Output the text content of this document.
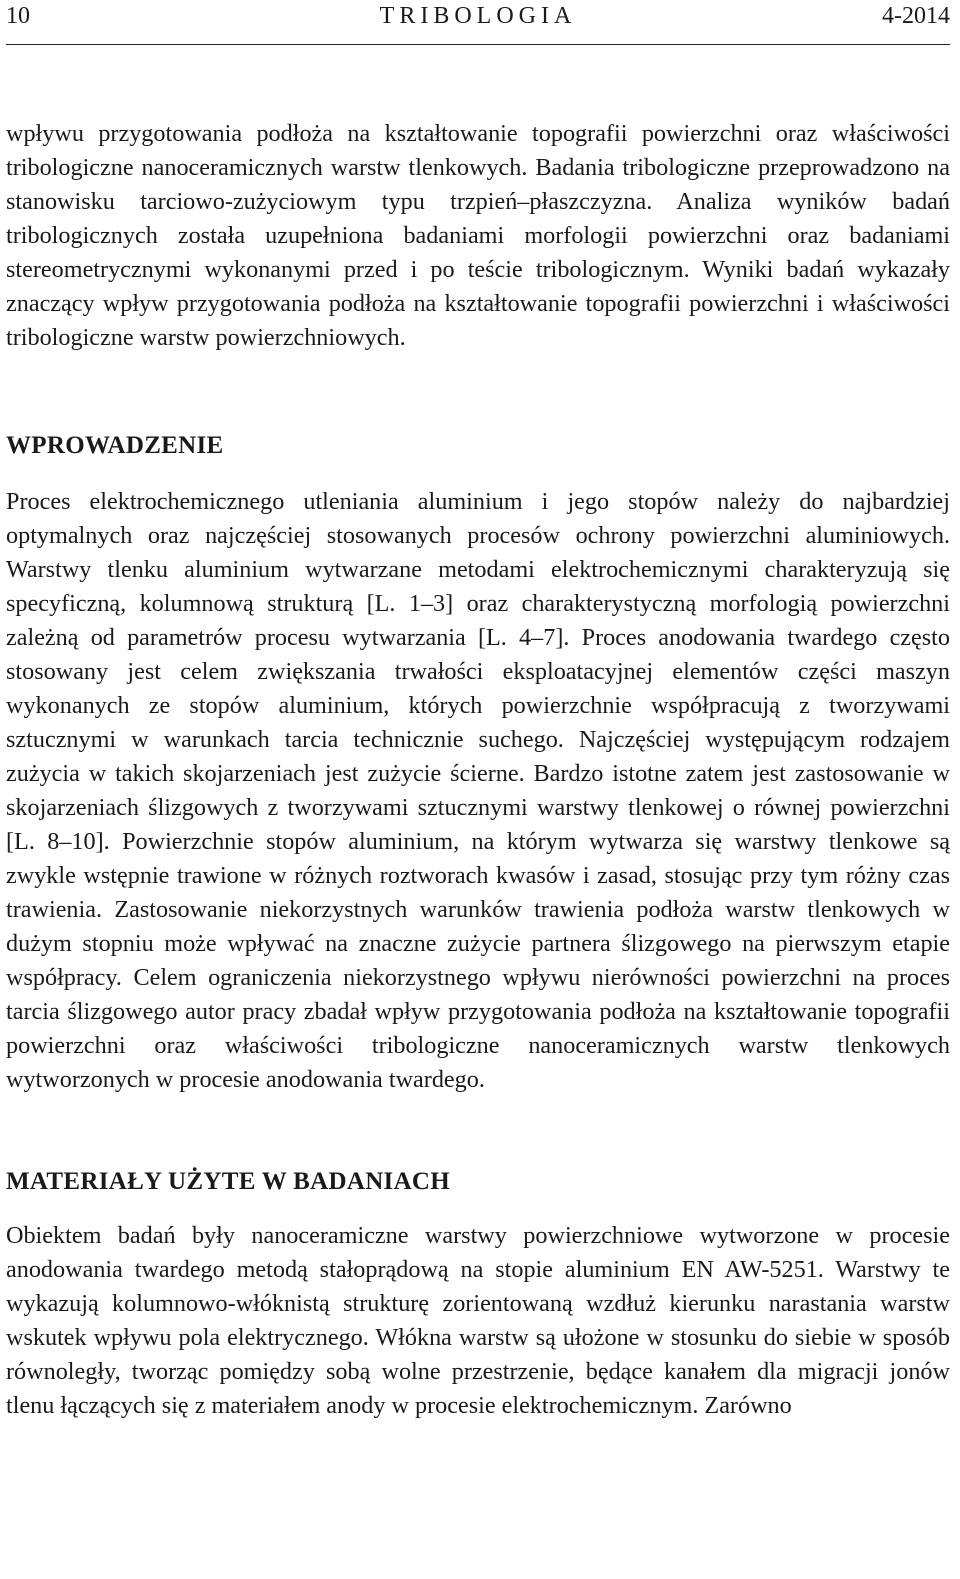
10	TRIBOLOGIA	4-2014

wpływu przygotowania podłoża na kształtowanie topografii powierzchni oraz właściwości tribologiczne nanoceramicznych warstw tlenkowych. Badania tribologiczne przeprowadzono na stanowisku tarciowo-zużyciowym typu trzpień–płaszczyzna. Analiza wyników badań tribologicznych została uzupełniona badaniami morfologii powierzchni oraz badaniami stereometrycznymi wykonanymi przed i po teście tribologicznym. Wyniki badań wykazały znaczący wpływ przygotowania podłoża na kształtowanie topografii powierzchni i właściwości tribologiczne warstw powierzchniowych.

WPROWADZENIE

Proces elektrochemicznego utleniania aluminium i jego stopów należy do najbardziej optymalnych oraz najczęściej stosowanych procesów ochrony powierzchni aluminiowych. Warstwy tlenku aluminium wytwarzane metodami elektrochemicznymi charakteryzują się specyficzną, kolumnową strukturą [L. 1–3] oraz charakterystyczną morfologią powierzchni zależną od parametrów procesu wytwarzania [L. 4–7]. Proces anodowania twardego często stosowany jest celem zwiększania trwałości eksploatacyjnej elementów części maszyn wykonanych ze stopów aluminium, których powierzchnie współpracują z tworzywami sztucznymi w warunkach tarcia technicznie suchego. Najczęściej występującym rodzajem zużycia w takich skojarzeniach jest zużycie ścierne. Bardzo istotne zatem jest zastosowanie w skojarzeniach ślizgowych z tworzywami sztucznymi warstwy tlenkowej o równej powierzchni [L. 8–10]. Powierzchnie stopów aluminium, na którym wytwarza się warstwy tlenkowe są zwykle wstępnie trawione w różnych roztworach kwasów i zasad, stosując przy tym różny czas trawienia. Zastosowanie niekorzystnych warunków trawienia podłoża warstw tlenkowych w dużym stopniu może wpływać na znaczne zużycie partnera ślizgowego na pierwszym etapie współpracy. Celem ograniczenia niekorzystnego wpływu nierówności powierzchni na proces tarcia ślizgowego autor pracy zbadał wpływ przygotowania podłoża na kształtowanie topografii powierzchni oraz właściwości tribologiczne nanoceramicznych warstw tlenkowych wytworzonych w procesie anodowania twardego.

MATERIAŁY UŻYTE W BADANIACH

Obiektem badań były nanoceramiczne warstwy powierzchniowe wytworzone w procesie anodowania twardego metodą stałoprądową na stopie aluminium EN AW-5251. Warstwy te wykazują kolumnowo-włóknistą strukturę zorientowaną wzdłuż kierunku narastania warstw wskutek wpływu pola elektrycznego. Włókna warstw są ułożone w stosunku do siebie w sposób równoległy, tworząc pomiędzy sobą wolne przestrzenie, będące kanałem dla migracji jonów tlenu łączących się z materiałem anody w procesie elektrochemicznym. Zarówno
